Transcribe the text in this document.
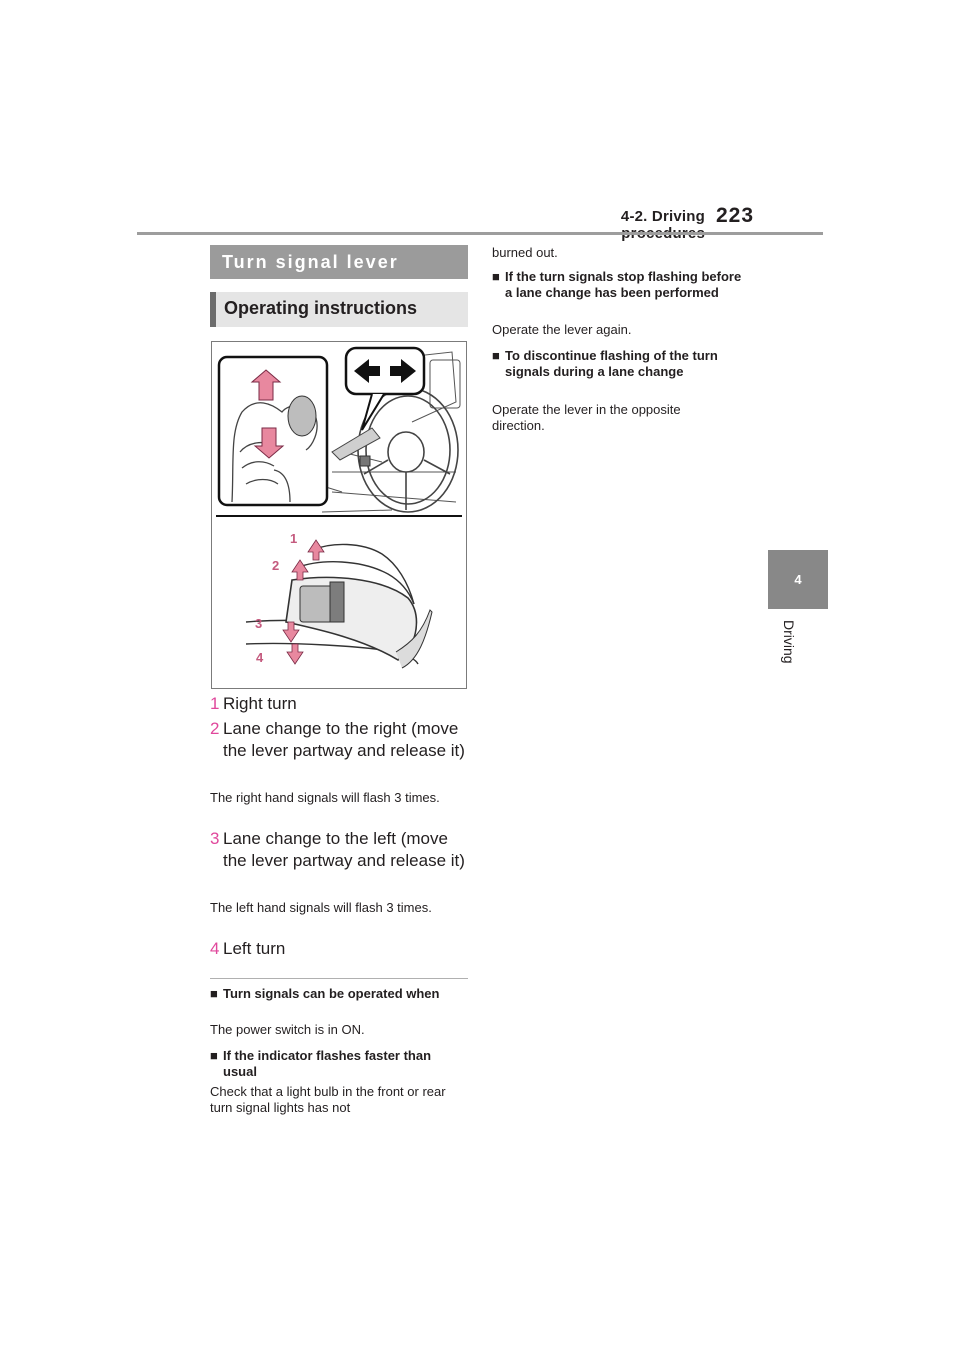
4-2. Driving 223
4
Driving
Turn signal lever
Operating instructions
1
2
3
4
1 Right turn
2 Lane change to the right (move the lever partway and release it)
The right hand signals will flash 3 times.
3 Lane change to the left (move the lever partway and release it)
The left hand signals will flash 3 times.
4 Left turn
■ Turn signals can be operated when
The power switch is in ON.
■ If the indicator flashes faster than usual
Check that a light bulb in the front or rear turn signal lights has not
burned out.
■ If the turn signals stop flashing before a lane change has been performed
Operate the lever again.
■ To discontinue flashing of the turn signals during a lane change
Operate the lever in the opposite direction.
